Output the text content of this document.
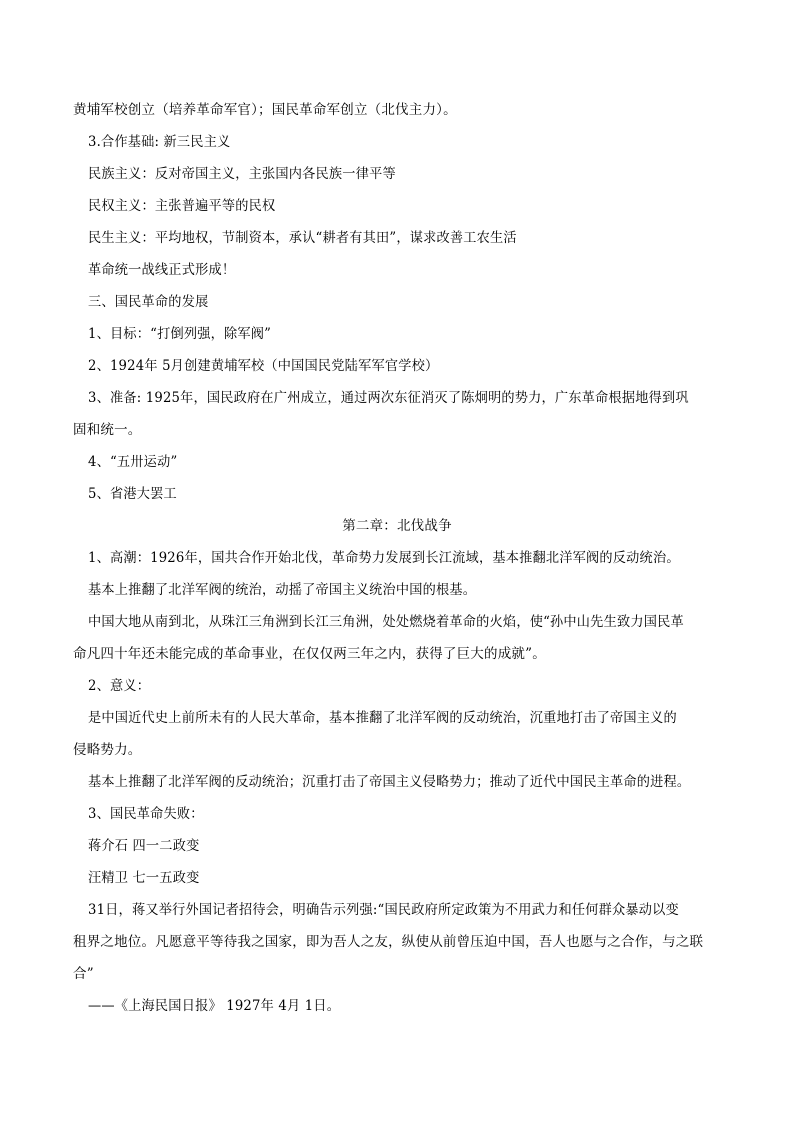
黄埔军校创立（培养革命军官）；国民革命军创立（北伐主力）。
3.合作基础: 新三民主义
民族主义：反对帝国主义，主张国内各民族一律平等
民权主义：主张普遍平等的民权
民生主义：平均地权，节制资本，承认“耕者有其田”，谋求改善工农生活
革命统一战线正式形成！
三、国民革命的发展
1、目标：“打倒列强，除军阀”
2、1924年 5月创建黄埔军校（中国国民党陆军军官学校）
3、准备: 1925年，国民政府在广州成立，通过两次东征消灭了陈炯明的势力，广东革命根据地得到巩
固和统一。
4、“五卅运动”
5、省港大罢工
第二章：北伐战争
1、高潮：1926年，国共合作开始北伐，革命势力发展到长江流域，基本推翻北洋军阀的反动统治。
基本上推翻了北洋军阀的统治，动摇了帝国主义统治中国的根基。
中国大地从南到北，从珠江三角洲到长江三角洲，处处燃烧着革命的火焰，使“孙中山先生致力国民革
命凡四十年还未能完成的革命事业，在仅仅两三年之内，获得了巨大的成就”。
2、意义：
是中国近代史上前所未有的人民大革命，基本推翻了北洋军阀的反动统治，沉重地打击了帝国主义的
侵略势力。
基本上推翻了北洋军阀的反动统治；沉重打击了帝国主义侵略势力；推动了近代中国民主革命的进程。
3、国民革命失败：
蒋介石 四一二政变
汪精卫 七一五政变
31日，蒋又举行外国记者招待会，明确告示列强:“国民政府所定政策为不用武力和任何群众暴动以变
租界之地位。凡愿意平等待我之国家，即为吾人之友，纵使从前曾压迫中国，吾人也愿与之合作，与之联
合”
——《上海民国日报》 1927年 4月 1日。
